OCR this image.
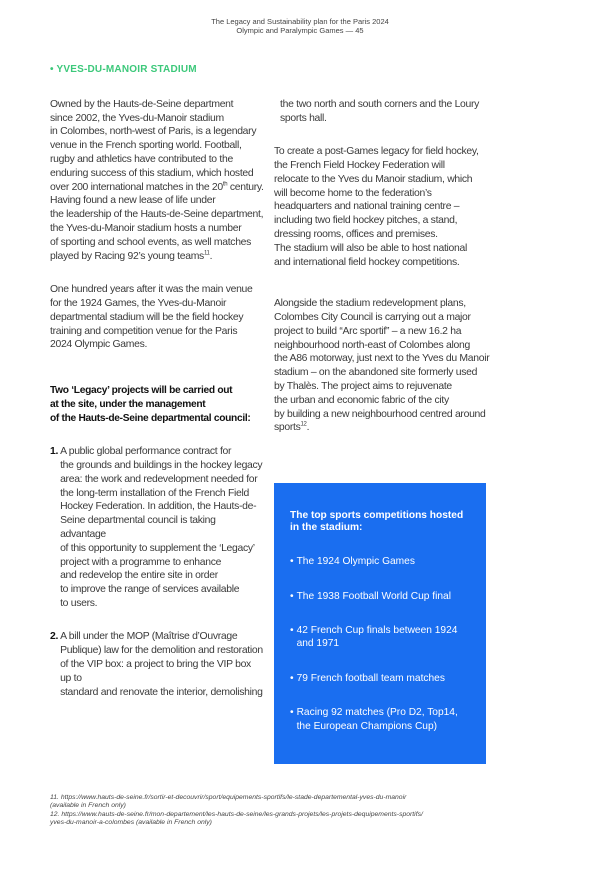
The Legacy and Sustainability plan for the Paris 2024
Olympic and Paralympic Games — 45
• YVES-DU-MANOIR STADIUM

Owned by the Hauts-de-Seine department
since 2002, the Yves-du-Manoir stadium
in Colombes, north-west of Paris, is a legendary
venue in the French sporting world. Football,
rugby and athletics have contributed to the
enduring success of this stadium, which hosted
over 200 international matches in the 20th century.
Having found a new lease of life under
the leadership of the Hauts-de-Seine department,
the Yves-du-Manoir stadium hosts a number
of sporting and school events, as well matches
played by Racing 92’s young teams$^{11}$.

One hundred years after it was the main venue
for the 1924 Games, the Yves-du-Manoir
departmental stadium will be the field hockey
training and competition venue for the Paris
2024 Olympic Games.

Two ‘Legacy’ projects will be carried out
at the site, under the management
of the Hauts-de-Seine departmental council:

1. A public global performance contract for
the grounds and buildings in the hockey legacy
area: the work and redevelopment needed for
the long-term installation of the French Field
Hockey Federation. In addition, the Hauts-de-
Seine departmental council is taking advantage
of this opportunity to supplement the ‘Legacy’
project with a programme to enhance
and redevelop the entire site in order
to improve the range of services available
to users.

2. A bill under the MOP (Maîtrise d’Ouvrage
Publique) law for the demolition and restoration
of the VIP box: a project to bring the VIP box up to
standard and renovate the interior, demolishing

the two north and south corners and the Loury
sports hall.

To create a post-Games legacy for field hockey,
the French Field Hockey Federation will
relocate to the Yves du Manoir stadium, which
will become home to the federation’s
headquarters and national training centre –
including two field hockey pitches, a stand,
dressing rooms, offices and premises.
The stadium will also be able to host national
and international field hockey competitions.

Alongside the stadium redevelopment plans,
Colombes City Council is carrying out a major
project to build “Arc sportif” – a new 16.2 ha
neighbourhood north-east of Colombes along
the A86 motorway, just next to the Yves du Manoir
stadium – on the abandoned site formerly used
by Thalès. The project aims to rejuvenate
the urban and economic fabric of the city
by building a new neighbourhood centred around
sports$^{12}$.

The top sports competitions hosted
in the stadium:

• The 1924 Olympic Games

• The 1938 Football World Cup final

• 42 French Cup finals between 1924
and 1971

• 79 French football team matches

• Racing 92 matches (Pro D2, Top14,
the European Champions Cup)

11. https://www.hauts-de-seine.fr/sortir-et-decouvrir/sport/equipements-sportifs/le-stade-departemental-yves-du-manoir
(available in French only)
12. https://www.hauts-de-seine.fr/mon-departement/les-hauts-de-seine/les-grands-projets/les-projets-dequipements-sportifs/
yves-du-manoir-a-colombes (available in French only)
